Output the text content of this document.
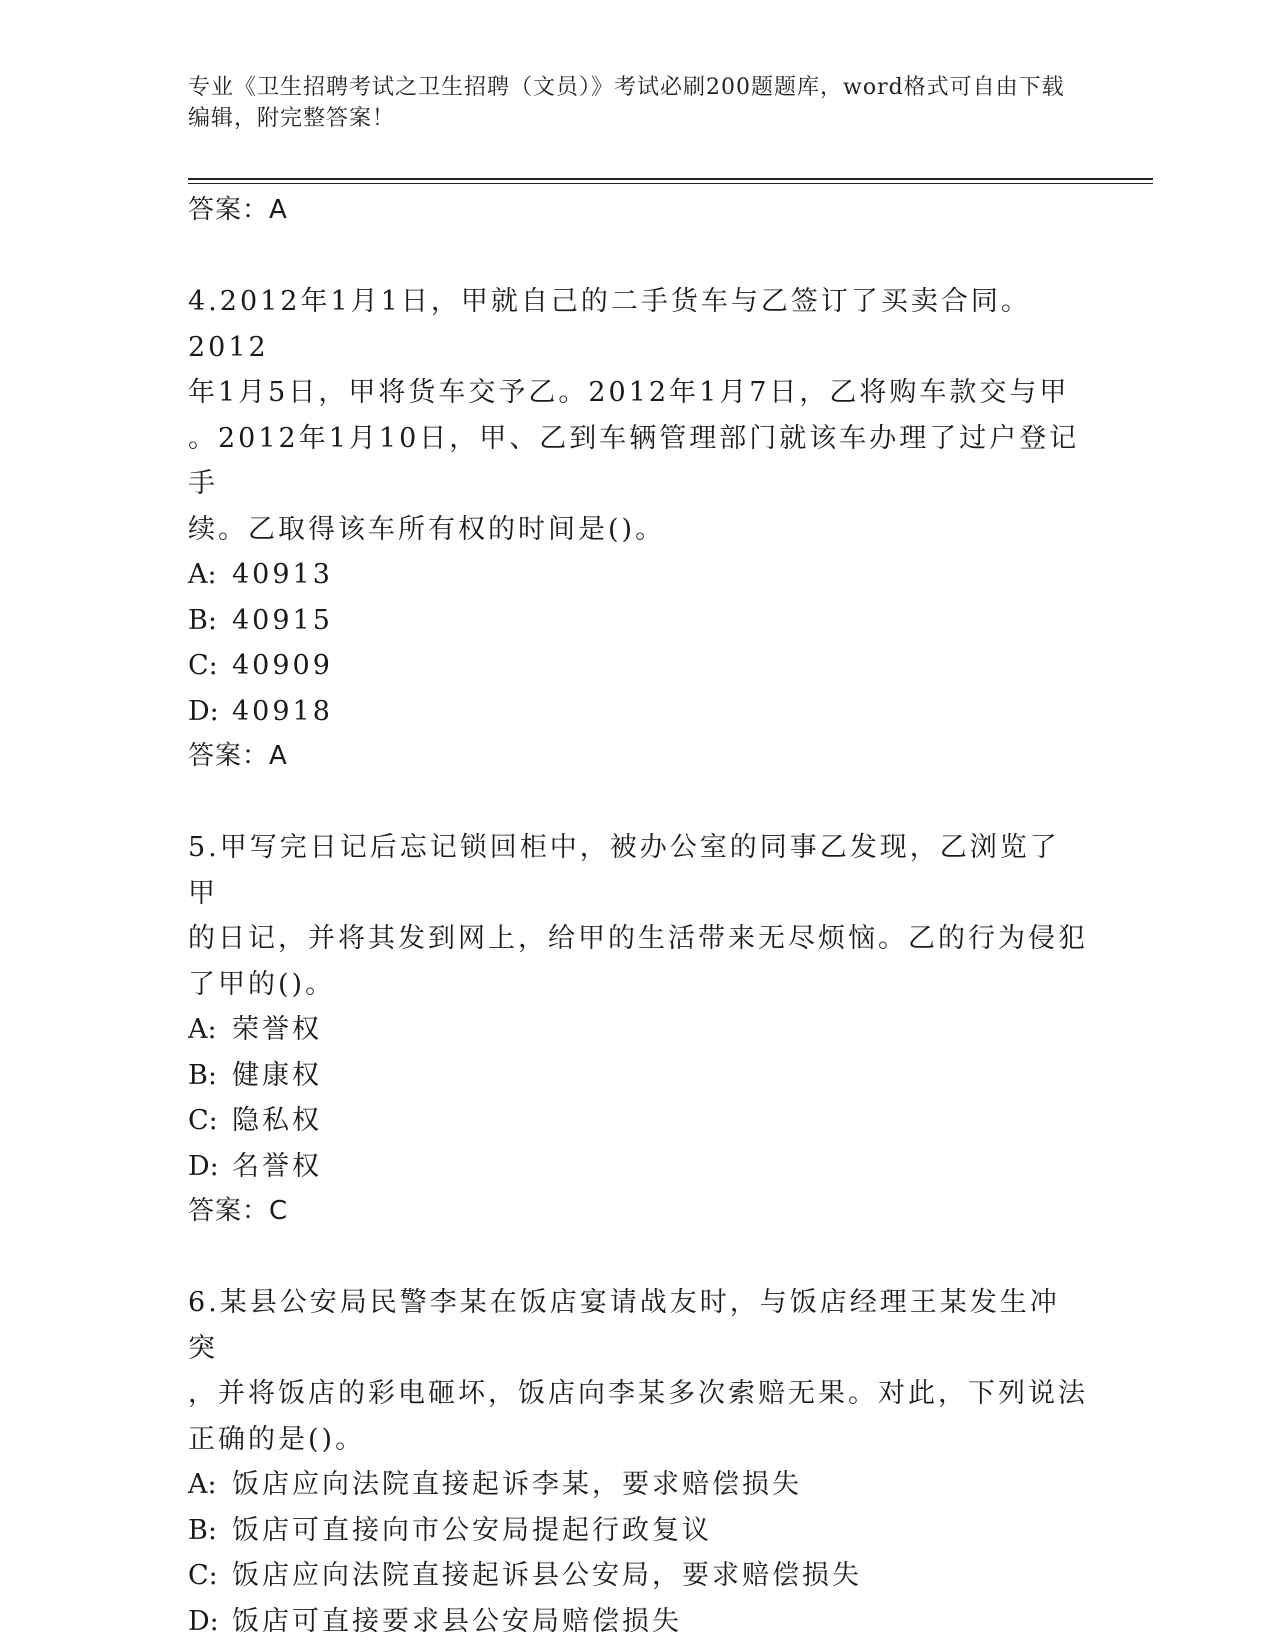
专业《卫生招聘考试之卫生招聘（文员）》考试必刷200题题库，word格式可自由下载编辑，附完整答案！
答案：A
4.2012年1月1日，甲就自己的二手货车与乙签订了买卖合同。2012
年1月5日，甲将货车交予乙。2012年1月7日，乙将购车款交与甲
。2012年1月10日，甲、乙到车辆管理部门就该车办理了过户登记手
续。乙取得该车所有权的时间是()。
A: 40913
B: 40915
C: 40909
D: 40918
答案：A
5.甲写完日记后忘记锁回柜中，被办公室的同事乙发现，乙浏览了甲
的日记，并将其发到网上，给甲的生活带来无尽烦恼。乙的行为侵犯
了甲的()。
A: 荣誉权
B: 健康权
C: 隐私权
D: 名誉权
答案：C
6.某县公安局民警李某在饭店宴请战友时，与饭店经理王某发生冲突
，并将饭店的彩电砸坏，饭店向李某多次索赔无果。对此，下列说法
正确的是()。
A: 饭店应向法院直接起诉李某，要求赔偿损失
B: 饭店可直接向市公安局提起行政复议
C: 饭店应向法院直接起诉县公安局，要求赔偿损失
D: 饭店可直接要求县公安局赔偿损失
